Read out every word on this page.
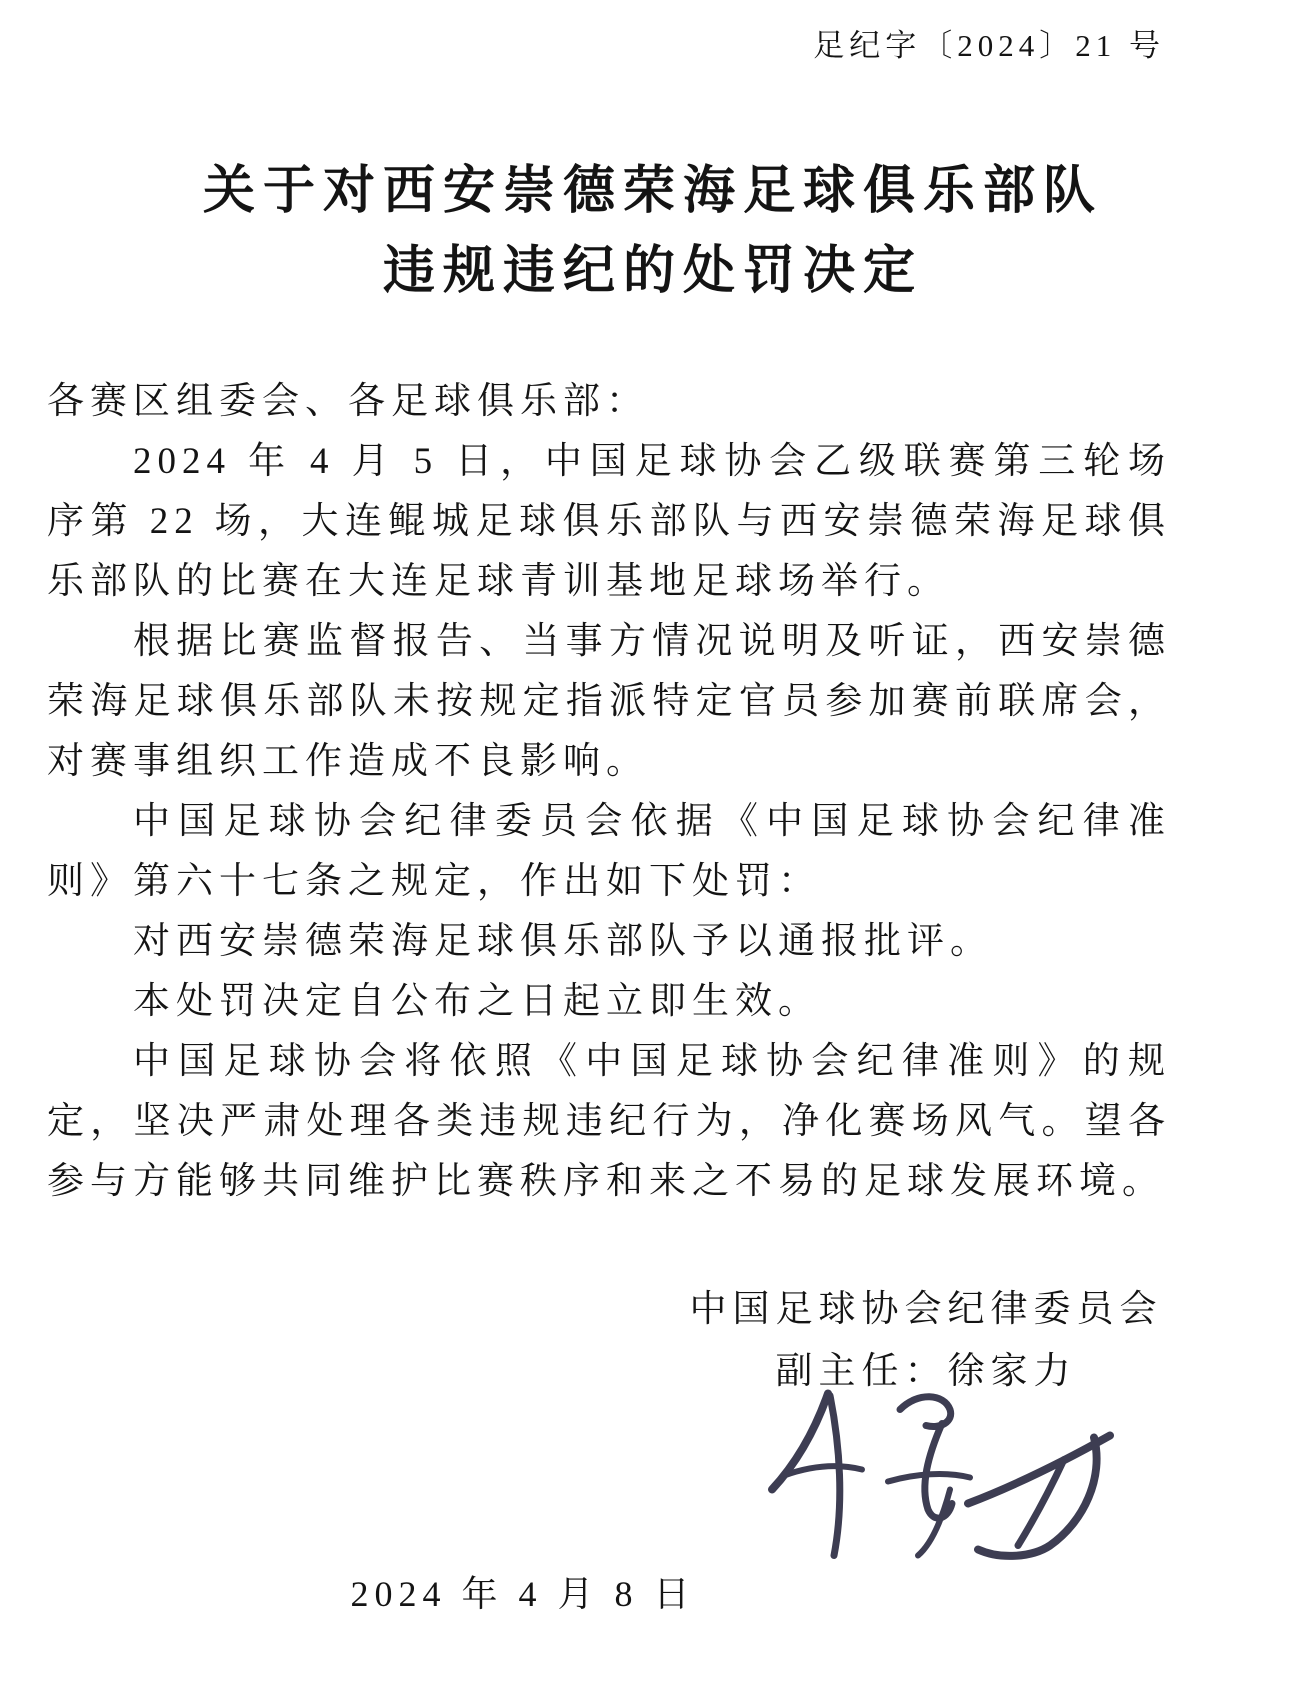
足纪字〔2024〕21 号
关于对西安崇德荣海足球俱乐部队
违规违纪的处罚决定

各赛区组委会、各足球俱乐部：

2024 年 4 月 5 日，中国足球协会乙级联赛第三轮场序第 22 场，大连鲲城足球俱乐部队与西安崇德荣海足球俱乐部队的比赛在大连足球青训基地足球场举行。

根据比赛监督报告、当事方情况说明及听证，西安崇德荣海足球俱乐部队未按规定指派特定官员参加赛前联席会，对赛事组织工作造成不良影响。

中国足球协会纪律委员会依据《中国足球协会纪律准则》第六十七条之规定，作出如下处罚：

对西安崇德荣海足球俱乐部队予以通报批评。

本处罚决定自公布之日起立即生效。

中国足球协会将依照《中国足球协会纪律准则》的规定，坚决严肃处理各类违规违纪行为，净化赛场风气。望各参与方能够共同维护比赛秩序和来之不易的足球发展环境。

中国足球协会纪律委员会
副主任：徐家力
2024 年 4 月 8 日
